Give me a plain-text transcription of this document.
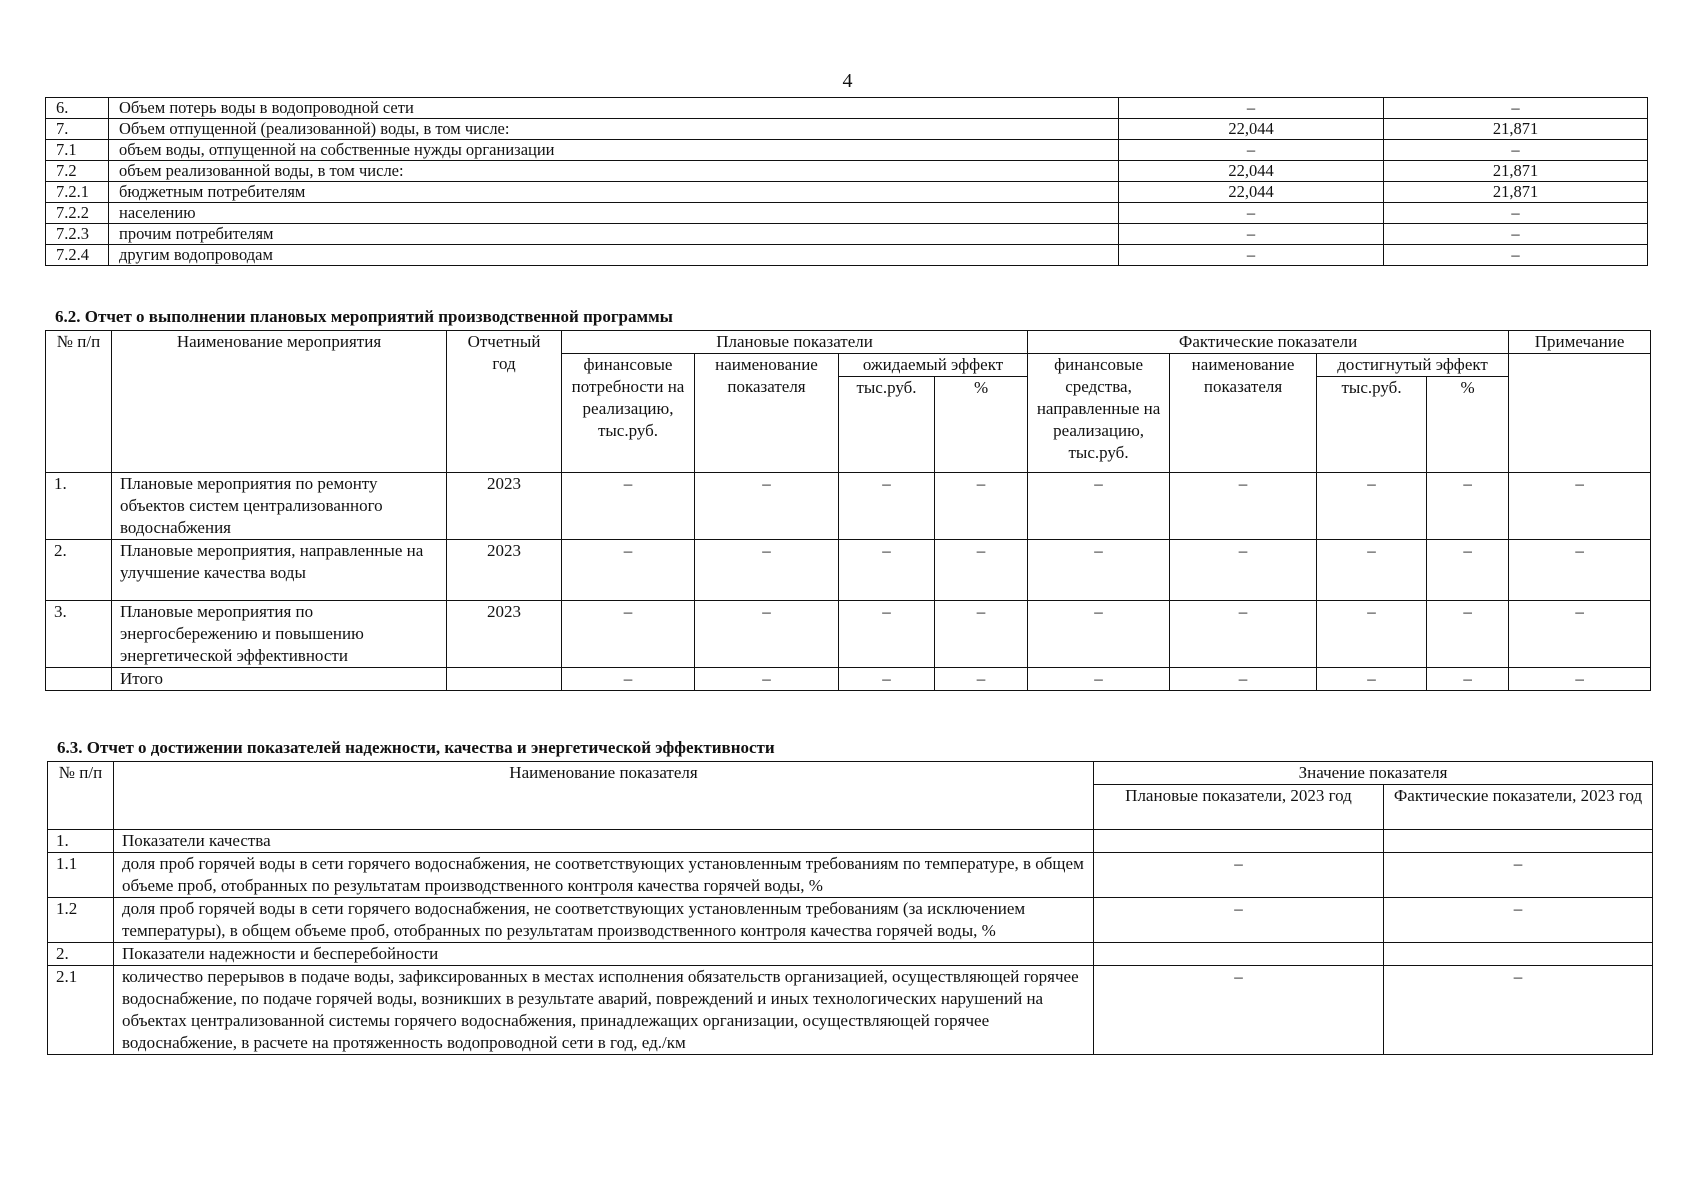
4
6.	Объем потерь воды в водопроводной сети	–	–
7.	Объем отпущенной (реализованной) воды, в том числе:	22,044	21,871
7.1	объем воды, отпущенной на собственные нужды организации	–	–
7.2	объем реализованной воды, в том числе:	22,044	21,871
7.2.1	бюджетным потребителям	22,044	21,871
7.2.2	населению	–	–
7.2.3	прочим потребителям	–	–
7.2.4	другим водопроводам	–	–
6.2. Отчет о выполнении плановых мероприятий производственной программы
№ п/п	Наименование мероприятия	Отчетный год	Плановые показатели				Фактические показатели				Примечание
			финансовые потребности на реализацию, тыс.руб.	наименование показателя	ожидаемый эффект		финансовые средства, направленные на реализацию, тыс.руб.	наименование показателя	достигнутый эффект		
					тыс.руб.	%			тыс.руб.	%	
1.	Плановые мероприятия по ремонту объектов систем централизованного водоснабжения	2023	–	–	–	–	–	–	–	–	–
2.	Плановые мероприятия, направленные на улучшение качества воды	2023	–	–	–	–	–	–	–	–	–
3.	Плановые мероприятия по энергосбережению и повышению энергетической эффективности	2023	–	–	–	–	–	–	–	–	–
	Итого		–	–	–	–	–	–	–	–	–
6.3. Отчет о достижении показателей надежности, качества и энергетической эффективности
№ п/п	Наименование показателя	Значение показателя	
		Плановые показатели, 2023 год	Фактические показатели, 2023 год
1.	Показатели качества		
1.1	доля проб горячей воды в сети горячего водоснабжения, не соответствующих установленным требованиям по температуре, в общем объеме проб, отобранных по результатам производственного контроля качества горячей воды, %	–	–
1.2	доля проб горячей воды в сети горячего водоснабжения, не соответствующих установленным требованиям (за исключением температуры), в общем объеме проб, отобранных по результатам производственного контроля качества горячей воды, %	–	–
2.	Показатели надежности и бесперебойности		
2.1	количество перерывов в подаче воды, зафиксированных в местах исполнения обязательств организацией, осуществляющей горячее водоснабжение, по подаче горячей воды, возникших в результате аварий, повреждений и иных технологических нарушений на объектах централизованной системы горячего водоснабжения, принадлежащих организации, осуществляющей горячее водоснабжение, в расчете на протяженность водопроводной сети в год, ед./км	–	–
